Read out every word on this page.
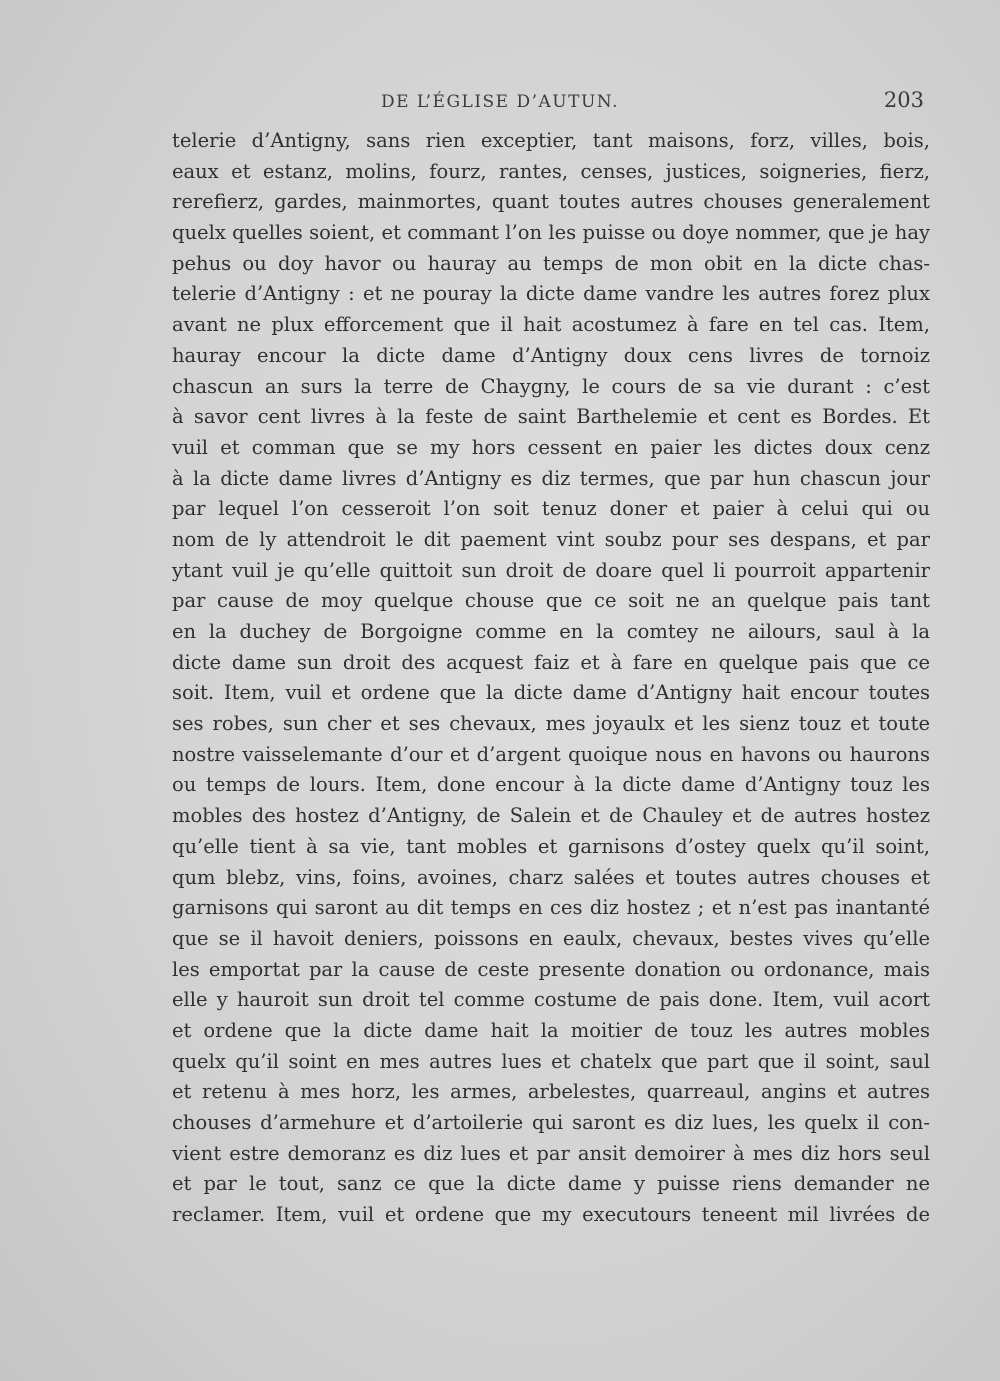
DE L’ÉGLISE D’AUTUN.	203
telerie d’Antigny, sans rien exceptier, tant maisons, forz, villes, bois,
eaux et estanz, molins, fourz, rantes, censes, justices, soigneries, fierz,
rerefierz, gardes, mainmortes, quant toutes autres chouses generalement
quelx quelles soient, et commant l’on les puisse ou doye nommer, que je hay
pehus ou doy havor ou hauray au temps de mon obit en la dicte chas-
telerie d’Antigny : et ne pouray la dicte dame vandre les autres forez plux
avant ne plux efforcement que il hait acostumez à fare en tel cas. Item,
hauray encour la dicte dame d’Antigny doux cens livres de tornoiz
chascun an surs la terre de Chaygny, le cours de sa vie durant : c’est
à savor cent livres à la feste de saint Barthelemie et cent es Bordes. Et
vuil et comman que se my hors cessent en paier les dictes doux cenz
à la dicte dame livres d’Antigny es diz termes, que par hun chascun jour
par lequel l’on cesseroit l’on soit tenuz doner et paier à celui qui ou
nom de ly attendroit le dit paement vint soubz pour ses despans, et par
ytant vuil je qu’elle quittoit sun droit de doare quel li pourroit appartenir
par cause de moy quelque chouse que ce soit ne an quelque pais tant
en la duchey de Borgoigne comme en la comtey ne ailours, saul à la
dicte dame sun droit des acquest faiz et à fare en quelque pais que ce
soit. Item, vuil et ordene que la dicte dame d’Antigny hait encour toutes
ses robes, sun cher et ses chevaux, mes joyaulx et les sienz touz et toute
nostre vaisselemante d’our et d’argent quoique nous en havons ou haurons
ou temps de lours. Item, done encour à la dicte dame d’Antigny touz les
mobles des hostez d’Antigny, de Salein et de Chauley et de autres hostez
qu’elle tient à sa vie, tant mobles et garnisons d’ostey quelx qu’il soint,
qum blebz, vins, foins, avoines, charz salées et toutes autres chouses et
garnisons qui saront au dit temps en ces diz hostez ; et n’est pas inantanté
que se il havoit deniers, poissons en eaulx, chevaux, bestes vives qu’elle
les emportat par la cause de ceste presente donation ou ordonance, mais
elle y hauroit sun droit tel comme costume de pais done. Item, vuil acort
et ordene que la dicte dame hait la moitier de touz les autres mobles
quelx qu’il soint en mes autres lues et chatelx que part que il soint, saul
et retenu à mes horz, les armes, arbelestes, quarreaul, angins et autres
chouses d’armehure et d’artoilerie qui saront es diz lues, les quelx il con-
vient estre demoranz es diz lues et par ansit demoirer à mes diz hors seul
et par le tout, sanz ce que la dicte dame y puisse riens demander ne
reclamer. Item, vuil et ordene que my executours teneent mil livrées de
